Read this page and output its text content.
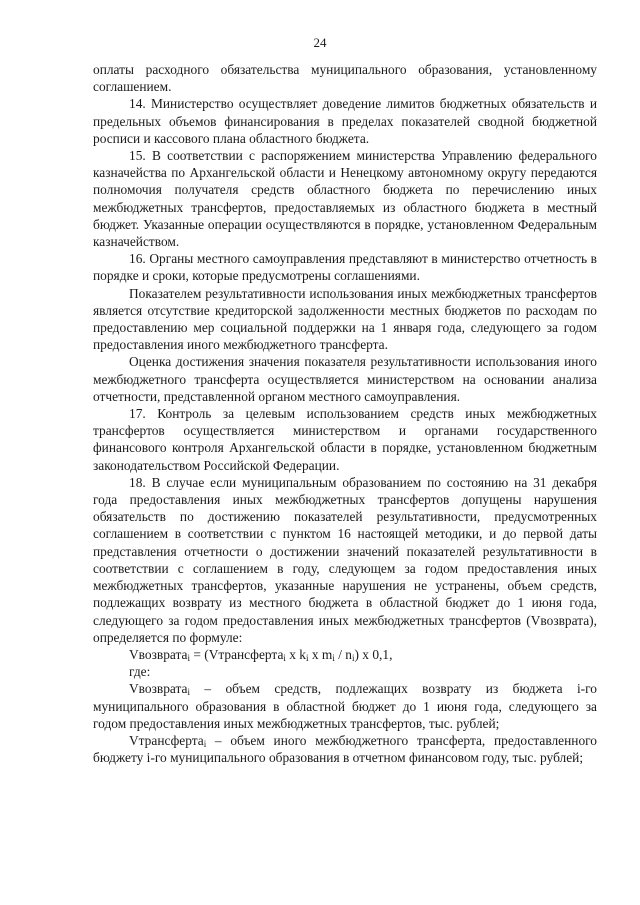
24

оплаты расходного обязательства муниципального образования, установленному соглашением.

14. Министерство осуществляет доведение лимитов бюджетных обязательств и предельных объемов финансирования в пределах показателей сводной бюджетной росписи и кассового плана областного бюджета.

15. В соответствии с распоряжением министерства Управлению федерального казначейства по Архангельской области и Ненецкому автономному округу передаются полномочия получателя средств областного бюджета по перечислению иных межбюджетных трансфертов, предоставляемых из областного бюджета в местный бюджет. Указанные операции осуществляются в порядке, установленном Федеральным казначейством.

16. Органы местного самоуправления представляют в министерство отчетность в порядке и сроки, которые предусмотрены соглашениями.

Показателем результативности использования иных межбюджетных трансфертов является отсутствие кредиторской задолженности местных бюджетов по расходам по предоставлению мер социальной поддержки на 1 января года, следующего за годом предоставления иного межбюджетного трансферта.

Оценка достижения значения показателя результативности использования иного межбюджетного трансферта осуществляется министерством на основании анализа отчетности, представленной органом местного самоуправления.

17. Контроль за целевым использованием средств иных межбюджетных трансфертов осуществляется министерством и органами государственного финансового контроля Архангельской области в порядке, установленном бюджетным законодательством Российской Федерации.

18. В случае если муниципальным образованием по состоянию на 31 декабря года предоставления иных межбюджетных трансфертов допущены нарушения обязательств по достижению показателей результативности, предусмотренных соглашением в соответствии с пунктом 16 настоящей методики, и до первой даты представления отчетности о достижении значений показателей результативности в соответствии с соглашением в году, следующем за годом предоставления иных межбюджетных трансфертов, указанные нарушения не устранены, объем средств, подлежащих возврату из местного бюджета в областной бюджет до 1 июня года, следующего за годом предоставления иных межбюджетных трансфертов (Vвозврата), определяется по формуле:

Vвозврата$_i$ = (Vтрансферта$_i$ x $k_i$ x $m_i / n_i$) x 0,1,

где:

Vвозврата$_i$ – объем средств, подлежащих возврату из бюджета i-го муниципального образования в областной бюджет до 1 июня года, следующего за годом предоставления иных межбюджетных трансфертов, тыс. рублей;

Vтрансферта$_i$ – объем иного межбюджетного трансферта, предоставленного бюджету i-го муниципального образования в отчетном финансовом году, тыс. рублей;
